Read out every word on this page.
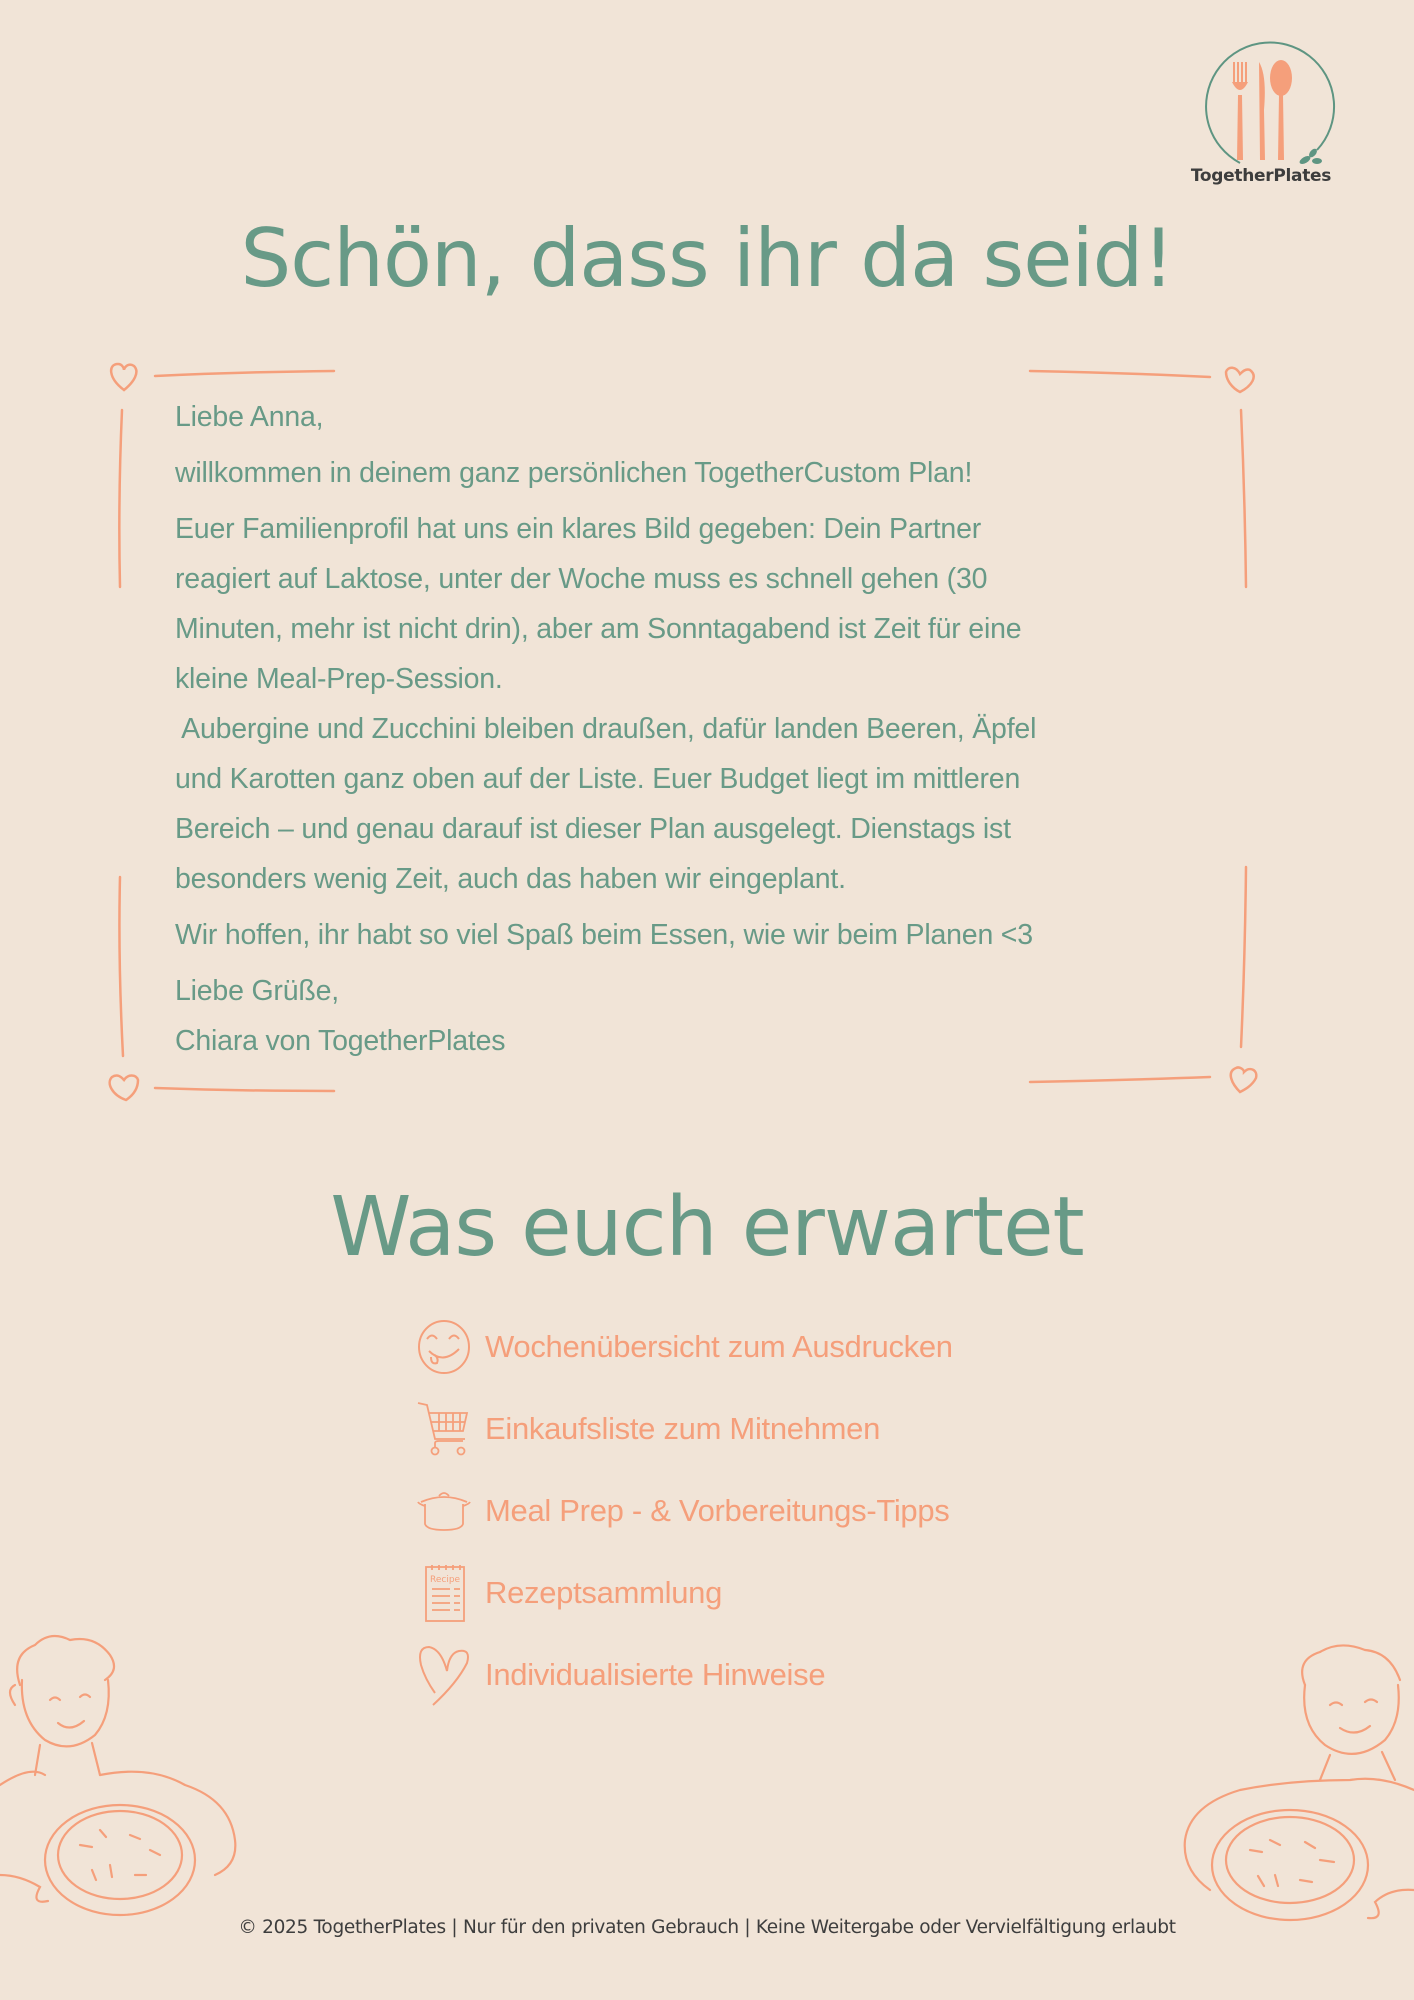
TogetherPlates
Schön, dass ihr da seid!
Liebe Anna,
willkommen in deinem ganz persönlichen TogetherCustom Plan!
Euer Familienprofil hat uns ein klares Bild gegeben: Dein Partner
reagiert auf Laktose, unter der Woche muss es schnell gehen (30
Minuten, mehr ist nicht drin), aber am Sonntagabend ist Zeit für eine
kleine Meal-Prep-Session.
Aubergine und Zucchini bleiben draußen, dafür landen Beeren, Äpfel
und Karotten ganz oben auf der Liste. Euer Budget liegt im mittleren
Bereich – und genau darauf ist dieser Plan ausgelegt. Dienstags ist
besonders wenig Zeit, auch das haben wir eingeplant.
Wir hoffen, ihr habt so viel Spaß beim Essen, wie wir beim Planen <3
Liebe Grüße,
Chiara von TogetherPlates
Was euch erwartet
Wochenübersicht zum Ausdrucken
Einkaufsliste zum Mitnehmen
Meal Prep - & Vorbereitungs-Tipps
Recipe Rezeptsammlung
Individualisierte Hinweise
© 2025 TogetherPlates | Nur für den privaten Gebrauch | Keine Weitergabe oder Vervielfältigung erlaubt
